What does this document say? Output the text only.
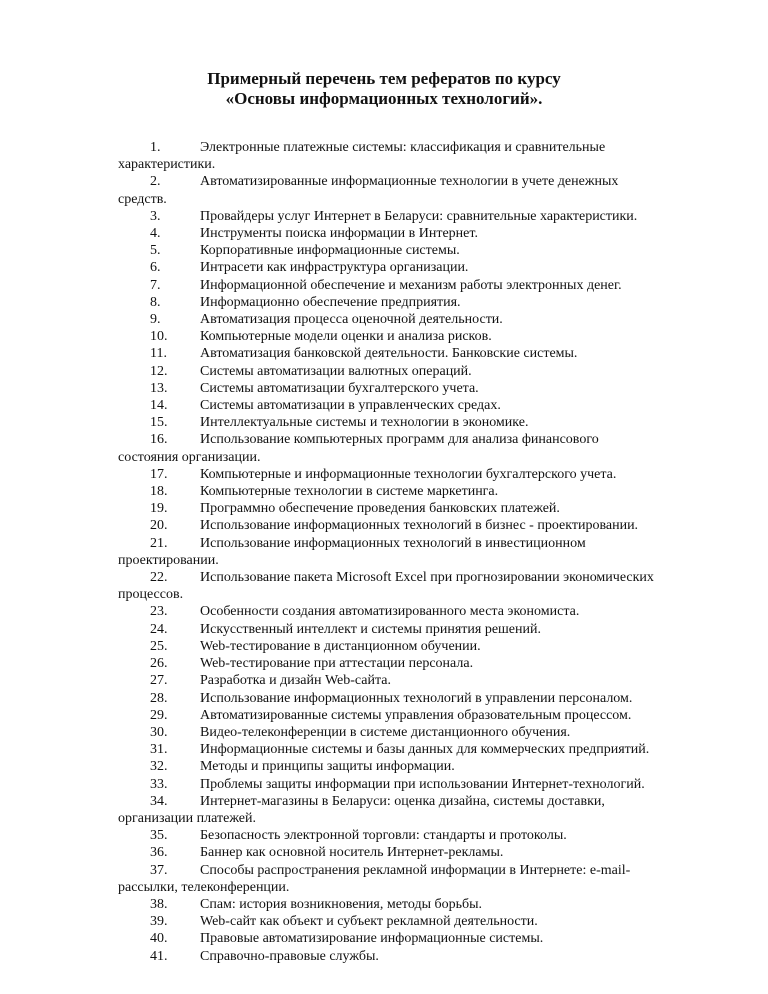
Примерный перечень тем рефератов по курсу
«Основы информационных технологий».
1.	Электронные платежные системы: классификация и сравнительные
характеристики.
2.	Автоматизированные информационные технологии в учете денежных
средств.
3.	Провайдеры услуг Интернет в Беларуси: сравнительные характеристики.
4.	Инструменты поиска информации в Интернет.
5.	Корпоративные информационные системы.
6.	Интрасети как инфраструктура организации.
7.	Информационной обеспечение и механизм работы электронных денег.
8.	Информационно обеспечение предприятия.
9.	Автоматизация процесса оценочной деятельности.
10. Компьютерные модели оценки и анализа рисков.
11. Автоматизация банковской деятельности. Банковские системы.
12. Системы автоматизации валютных операций.
13. Системы автоматизации бухгалтерского учета.
14. Системы автоматизации в управленческих средах.
15. Интеллектуальные системы и технологии в экономике.
16. Использование компьютерных программ для анализа финансового
состояния организации.
17. Компьютерные и информационные технологии бухгалтерского учета.
18. Компьютерные технологии в системе маркетинга.
19. Программно обеспечение проведения банковских платежей.
20. Использование информационных технологий в бизнес - проектировании.
21. Использование информационных технологий в инвестиционном
проектировании.
22. Использование пакета Microsoft Excel при прогнозировании экономических
процессов.
23. Особенности создания автоматизированного места экономиста.
24. Искусственный интеллект и системы принятия решений.
25. Web-тестирование в дистанционном обучении.
26. Web-тестирование при аттестации персонала.
27. Разработка и дизайн Web-сайта.
28. Использование информационных технологий в управлении персоналом.
29. Автоматизированные системы управления образовательным процессом.
30. Видео-телеконференции в системе дистанционного обучения.
31. Информационные системы и базы данных для коммерческих предприятий.
32. Методы и принципы защиты информации.
33. Проблемы защиты информации при использовании Интернет-технологий.
34. Интернет-магазины в Беларуси: оценка дизайна, системы доставки,
организации платежей.
35. Безопасность электронной торговли: стандарты и протоколы.
36. Баннер как основной носитель Интернет-рекламы.
37. Способы распространения рекламной информации в Интернете: e-mail-
рассылки, телеконференции.
38. Спам: история возникновения, методы борьбы.
39. Web-сайт как объект и субъект рекламной деятельности.
40. Правовые автоматизирование информационные системы.
41. Справочно-правовые службы.
